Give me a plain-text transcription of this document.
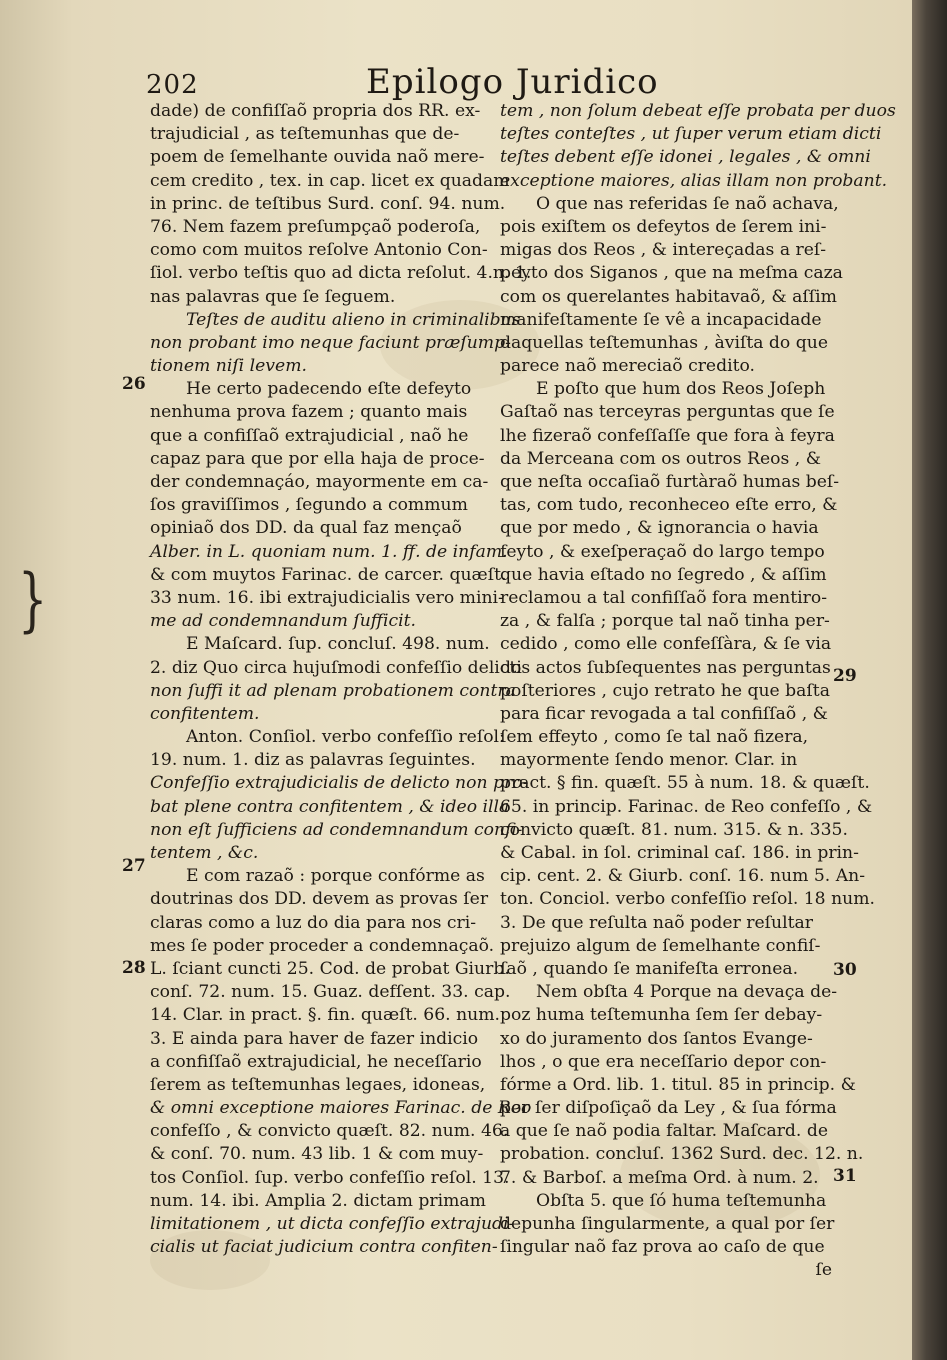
202	Epilogo Juridico
dade) de confiſſaõ propria dos RR. ex-
trajudicial , as teſtemunhas que de-
poem de ſemelhante ouvida naõ mere-
cem credito , tex. in cap. licet ex quadam
in princ. de teſtibus Surd. conſ. 94. num.
76. Nem fazem preſumpçaõ poderoſa,
como com muitos reſolve Antonio Con-
ſiol. verbo teſtis quo ad dicta reſolut. 4.n. 1.
nas palavras que ſe ſeguem.
Teſtes de auditu alieno in criminalibus
non probant imo neque faciunt præſump-
tionem niſi levem.
He certo padecendo eſte defeyto
nenhuma prova fazem ; quanto mais
que a confiſſaõ extrajudicial , naõ he
capaz para que por ella haja de proce-
der condemnaçáo, mayormente em ca-
ſos graviſſimos , ſegundo a commum
opiniaõ dos DD. da qual faz mençaõ
Alber. in L. quoniam num. 1. ff. de infam.
& com muytos Farinac. de carcer. quæſt.
33 num. 16. ibi extrajudicialis vero mini-
me ad condemnandum ſufficit.
E Maſcard. ſup. concluſ. 498. num.
2. diz Quo circa hujuſmodi confeſſio delicti
non ſuffi it ad plenam probationem contra
confitentem.
Anton. Conſiol. verbo confeſſio reſol:
19. num. 1. diz as palavras ſeguintes.
Confeſſio extrajudicialis de delicto non pro-
bat plene contra confitentem , & ideo illa
non eſt ſufficiens ad condemnandum confi-
tentem , &c.
E com razaõ : porque confórme as
doutrinas dos DD. devem as provas ſer
claras como a luz do dia para nos cri-
mes ſe poder proceder a condemnaçaõ.
L. ſciant cuncti 25. Cod. de probat Giurb.
conſ. 72. num. 15. Guaz. defſent. 33. cap.
14. Clar. in pract. §. fin. quæſt. 66. num.
3. E ainda para haver de fazer indicio
a confiſſaõ extrajudicial, he neceſſario
ſerem as teſtemunhas legaes, idoneas,
& omni exceptione maiores Farinac. de Reo
confeſſo , & convicto quæſt. 82. num. 46.
& conſ. 70. num. 43 lib. 1 & com muy-
tos Conſiol. ſup. verbo confeſſio reſol. 13.
num. 14. ibi. Amplia 2. dictam primam
limitationem , ut dicta confeſſio extrajudi-
cialis ut faciat judicium contra confiten-
tem , non ſolum debeat eſſe probata per duos
teſtes conteſtes , ut ſuper verum etiam dicti
teſtes debent eſſe idonei , legales , & omni
exceptione maiores, alias illam non probant.
O que nas referidas ſe naõ achava,
pois exiſtem os defeytos de ſerem ini-
migas dos Reos , & intereçadas a reſ-
peyto dos Siganos , que na meſma caza
com os querelantes habitavaõ, & aſſim
manifeſtamente ſe vê a incapacidade
daquellas teſtemunhas , àviſta do que
parece naõ mereciaõ credito.
E poſto que hum dos Reos Joſeph
Gaſtaõ nas terceyras perguntas que ſe
lhe fizeraõ confeſſaſſe que fora à feyra
da Merceana com os outros Reos , &
que neſta occaſiaõ furtàraõ humas beſ-
tas, com tudo, reconheceo eſte erro, &
que por medo , & ignorancia o havia
feyto , & exeſperaçaõ do largo tempo
que havia eſtado no ſegredo , & aſſim
reclamou a tal confiſſaõ fora mentiro-
za , & falſa ; porque tal naõ tinha per-
cedido , como elle confeſſàra, & ſe via
dos actos ſubſequentes nas perguntas
poſteriores , cujo retrato he que baſta
para ficar revogada a tal confiſſaõ , &
ſem effeyto , como ſe tal naõ fizera,
mayormente ſendo menor. Clar. in
pract. § fin. quæſt. 55 à num. 18. & quæſt.
65. in princip. Farinac. de Reo confeſſo , &
convicto quæſt. 81. num. 315. & n. 335.
& Cabal. in ſol. criminal caſ. 186. in prin-
cip. cent. 2. & Giurb. conſ. 16. num 5. An-
ton. Conciol. verbo confeſſio reſol. 18 num.
3. De que reſulta naõ poder reſultar
prejuizo algum de ſemelhante confiſ-
ſaõ , quando ſe manifeſta erronea.
Nem obſta 4 Porque na devaça de-
poz huma teſtemunha ſem ſer debay-
xo do juramento dos ſantos Evange-
lhos , o que era neceſſario depor con-
fórme a Ord. lib. 1. titul. 85 in princip. &
por ſer diſpoſiçaõ da Ley , & ſua fórma
a que ſe naõ podia faltar. Maſcard. de
probation. concluſ. 1362 Surd. dec. 12. n.
7. & Barboſ. a meſma Ord. à num. 2.
Obſta 5. que ſó huma teſtemunha
depunha ſingularmente, a qual por ſer
ſingular naõ faz prova ao caſo de que
ſe
26
27
28
29
30
31
}
